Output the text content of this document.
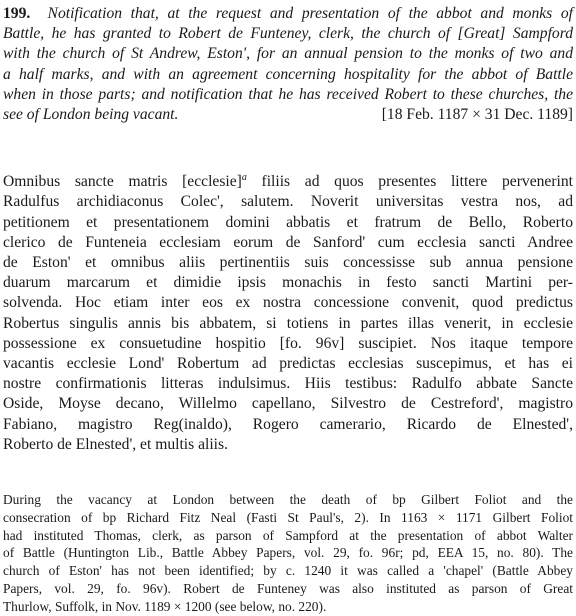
199. Notification that, at the request and presentation of the abbot and monks of
Battle, he has granted to Robert de Funteney, clerk, the church of [Great] Sampford
with the church of St Andrew, Eston', for an annual pension to the monks of two and
a half marks, and with an agreement concerning hospitality for the abbot of Battle
when in those parts; and notification that he has received Robert to these churches, the
see of London being vacant.	[18 Feb. 1187 × 31 Dec. 1189]
Omnibus sancte matris [ecclesie]$^a$ filiis ad quos presentes littere pervenerint
Radulfus archidiaconus Colec', salutem. Noverit universitas vestra nos, ad
petitionem et presentationem domini abbatis et fratrum de Bello, Roberto
clerico de Funteneia ecclesiam eorum de Sanford' cum ecclesia sancti Andree
de Eston' et omnibus aliis pertinentiis suis concessisse sub annua pensione
duarum marcarum et dimidie ipsis monachis in festo sancti Martini per-
solvenda. Hoc etiam inter eos ex nostra concessione convenit, quod predictus
Robertus singulis annis bis abbatem, si totiens in partes illas venerit, in ecclesie
possessione ex consuetudine hospitio [fo. 96v] suscipiet. Nos itaque tempore
vacantis ecclesie Lond' Robertum ad predictas ecclesias suscepimus, et has ei
nostre confirmationis litteras indulsimus. Hiis testibus: Radulfo abbate Sancte
Oside, Moyse decano, Willelmo capellano, Silvestro de Cestreford', magistro
Fabiano, magistro Reg(inaldo), Rogero camerario, Ricardo de Elnested',
Roberto de Elnested', et multis aliis.
During the vacancy at London between the death of bp Gilbert Foliot and the
consecration of bp Richard Fitz Neal (Fasti St Paul's, 2). In 1163 × 1171 Gilbert Foliot
had instituted Thomas, clerk, as parson of Sampford at the presentation of abbot Walter
of Battle (Huntington Lib., Battle Abbey Papers, vol. 29, fo. 96r; pd, EEA 15, no. 80). The
church of Eston' has not been identified; by c. 1240 it was called a 'chapel' (Battle Abbey
Papers, vol. 29, fo. 96v). Robert de Funteney was also instituted as parson of Great
Thurlow, Suffolk, in Nov. 1189 × 1200 (see below, no. 220).
